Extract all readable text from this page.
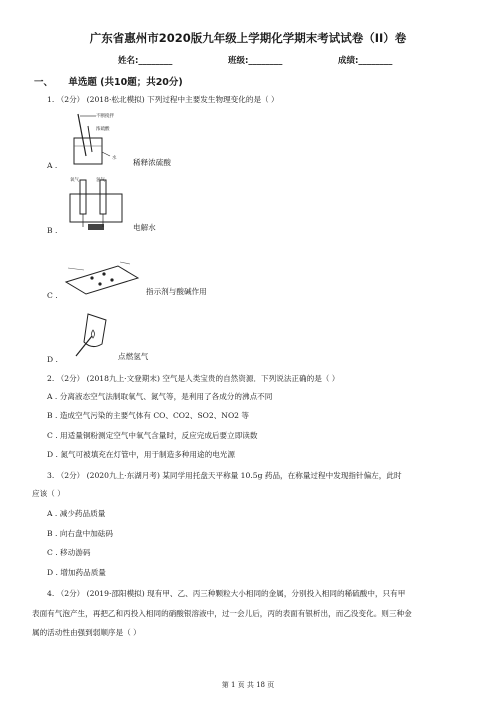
广东省惠州市2020版九年级上学期化学期末考试试卷（II）卷
姓名:________	班级:________	成绩:________
一、 单选题 (共10题；共20分)
1. （2分） (2018·松北模拟) 下列过程中主要发生物理变化的是（ ）
不断搅拌
浓硫酸
水
A .	稀释浓硫酸
氧气	氢气
B .	电解水
C .	指示剂与酸碱作用
D .	点燃氢气
2. （2分） (2018九上·文登期末) 空气是人类宝贵的自然资源．下列说法正确的是（ ）
A . 分离液态空气法制取氧气、氮气等，是利用了各成分的沸点不同
B . 造成空气污染的主要气体有 CO、CO2、SO2、NO2 等
C . 用适量铜粉测定空气中氧气含量时，反应完成后要立即读数
D . 氮气可被填充在灯管中，用于制造多种用途的电光源
3. （2分） (2020九上·东湖月考) 某同学用托盘天平称量 10.5g 药品，在称量过程中发现指针偏左，此时
应该（ ）
A . 减少药品质量
B . 向右盘中加砝码
C . 移动游码
D . 增加药品质量
4. （2分） (2019·邵阳模拟) 现有甲、乙、丙三种颗粒大小相同的金属，分别投入相同的稀硫酸中，只有甲
表面有气泡产生，再把乙和丙投入相同的硝酸银溶液中，过一会儿后，丙的表面有银析出，而乙没变化。则三种金
属的活动性由强到弱顺序是（ ）
第 1 页 共 18 页
